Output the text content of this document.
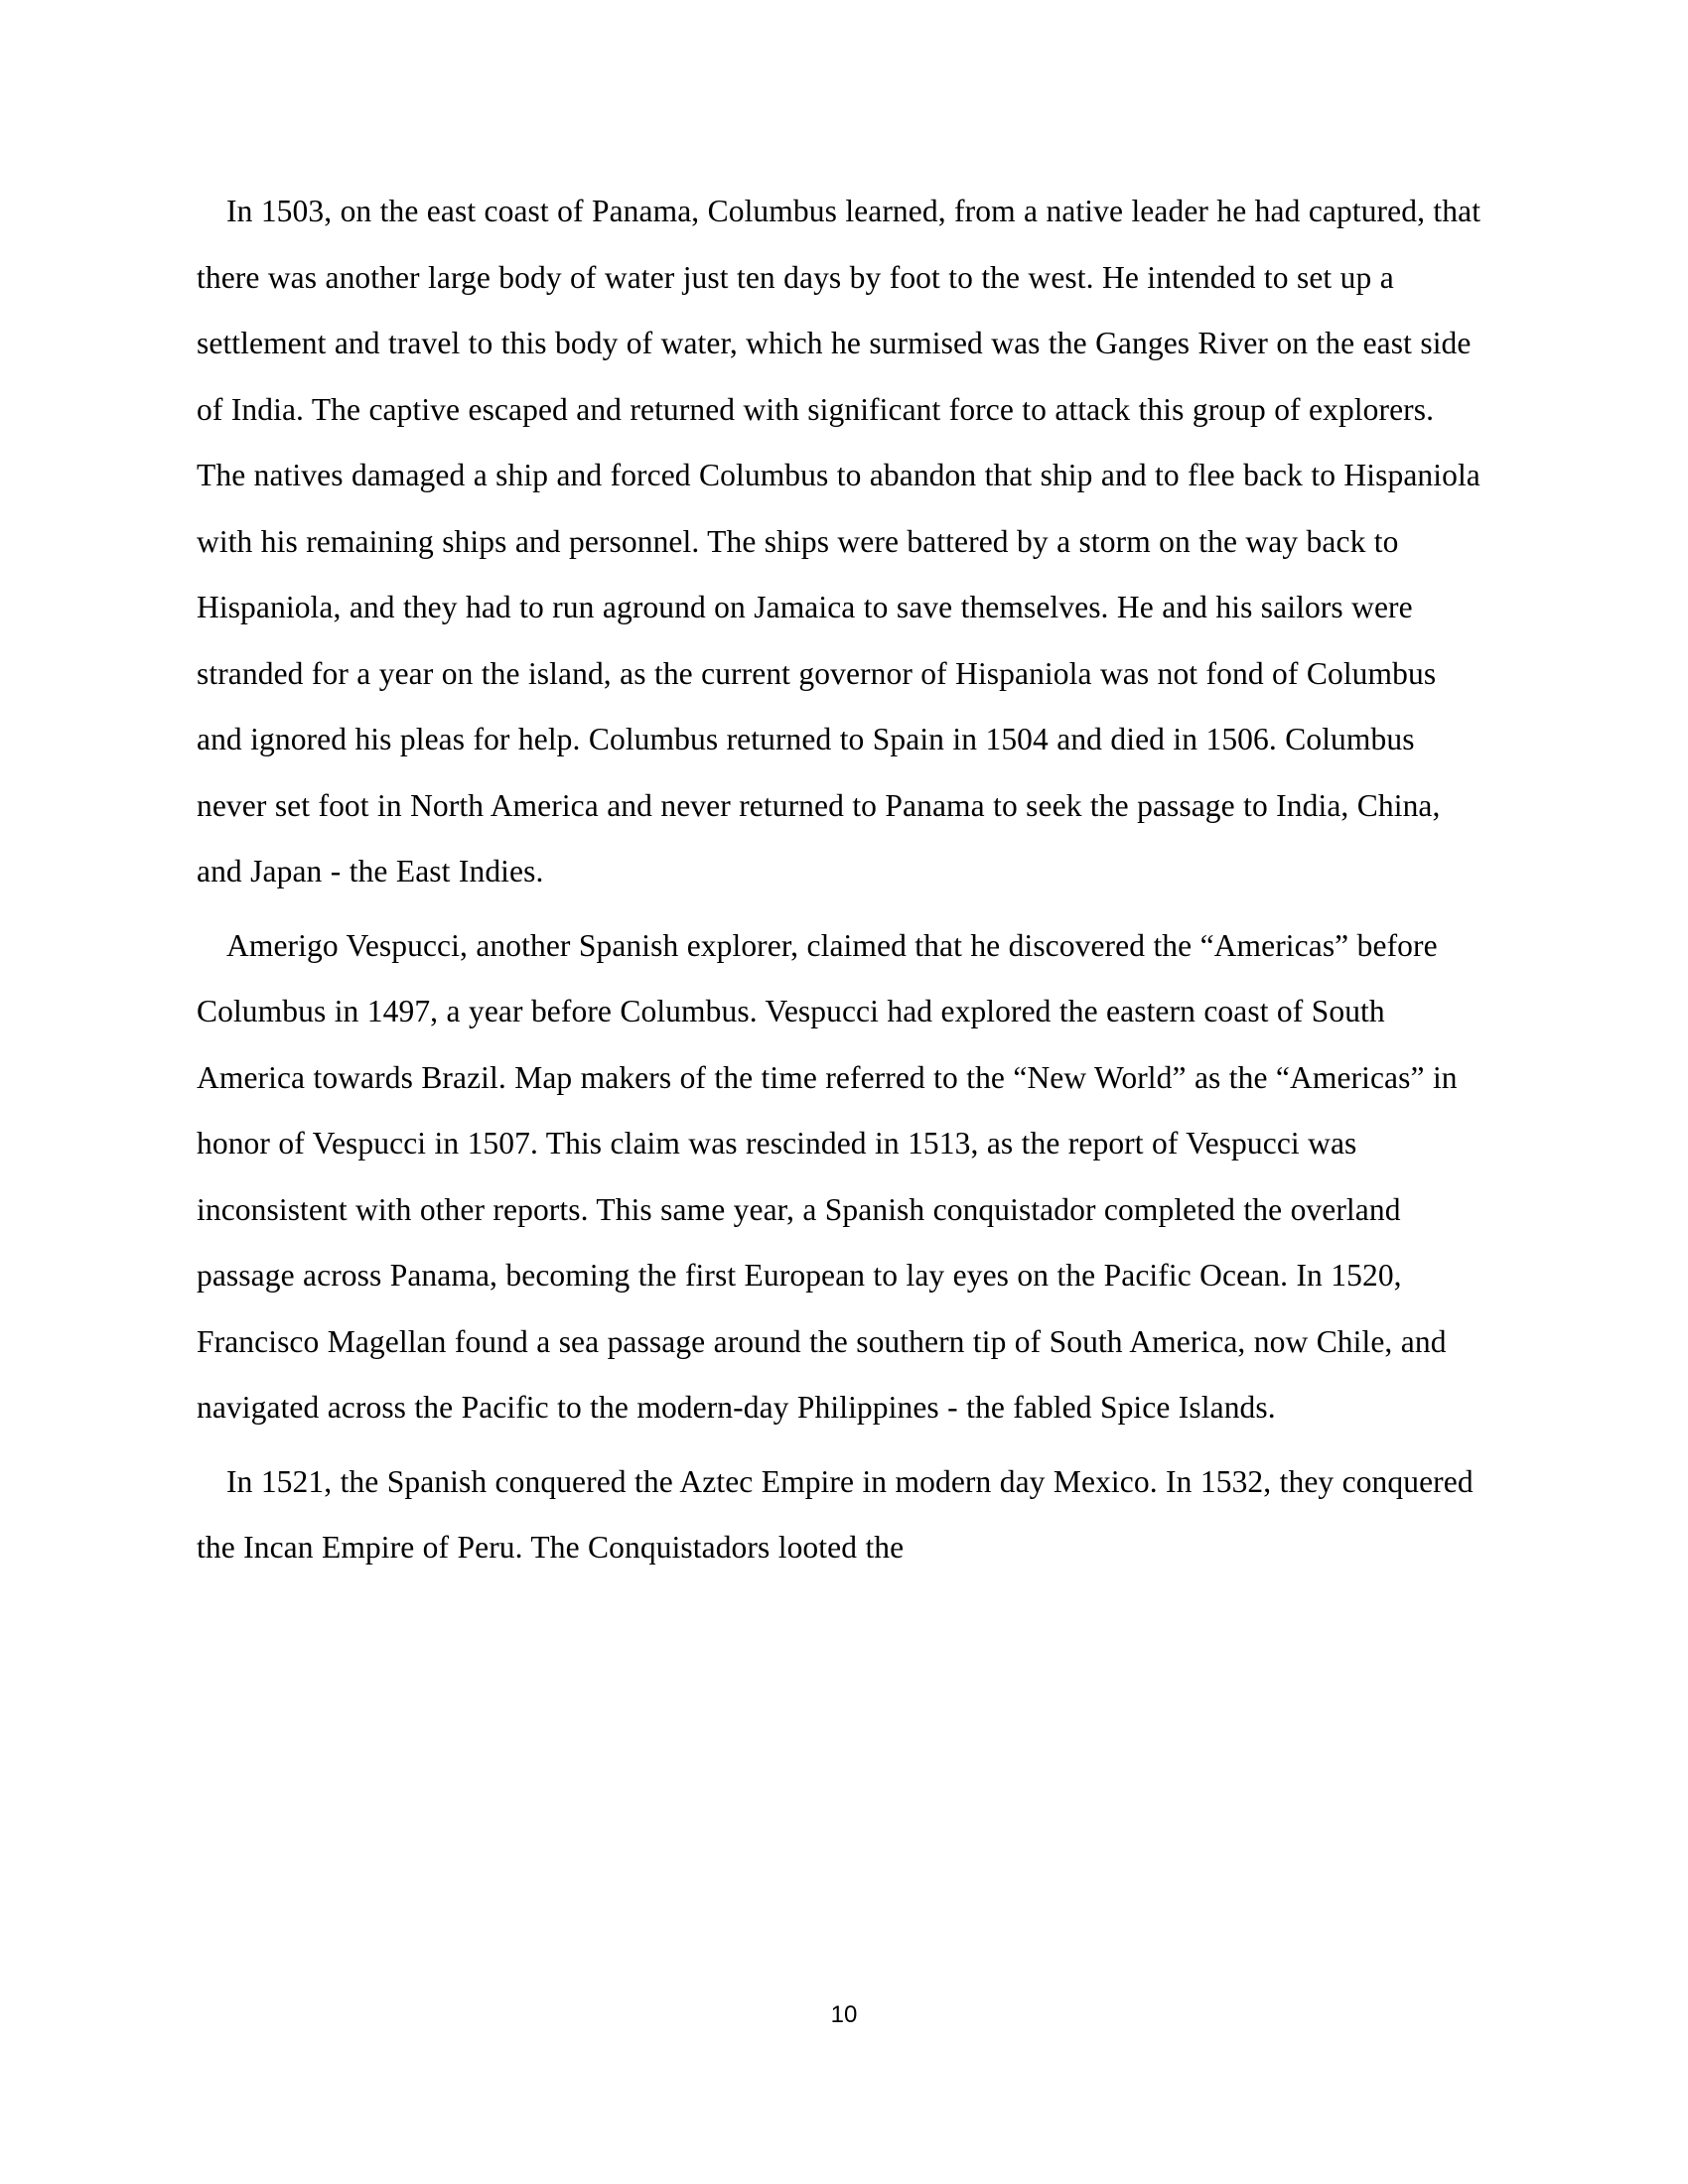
In 1503, on the east coast of Panama, Columbus learned, from a native leader he had captured, that there was another large body of water just ten days by foot to the west. He intended to set up a settlement and travel to this body of water, which he surmised was the Ganges River on the east side of India. The captive escaped and returned with significant force to attack this group of explorers. The natives damaged a ship and forced Columbus to abandon that ship and to flee back to Hispaniola with his remaining ships and personnel. The ships were battered by a storm on the way back to Hispaniola, and they had to run aground on Jamaica to save themselves. He and his sailors were stranded for a year on the island, as the current governor of Hispaniola was not fond of Columbus and ignored his pleas for help. Columbus returned to Spain in 1504 and died in 1506. Columbus never set foot in North America and never returned to Panama to seek the passage to India, China, and Japan - the East Indies.

Amerigo Vespucci, another Spanish explorer, claimed that he discovered the “Americas” before Columbus in 1497, a year before Columbus. Vespucci had explored the eastern coast of South America towards Brazil. Map makers of the time referred to the “New World” as the “Americas” in honor of Vespucci in 1507. This claim was rescinded in 1513, as the report of Vespucci was inconsistent with other reports. This same year, a Spanish conquistador completed the overland passage across Panama, becoming the first European to lay eyes on the Pacific Ocean. In 1520, Francisco Magellan found a sea passage around the southern tip of South America, now Chile, and navigated across the Pacific to the modern-day Philippines - the fabled Spice Islands.

In 1521, the Spanish conquered the Aztec Empire in modern day Mexico. In 1532, they conquered the Incan Empire of Peru. The Conquistadors looted the

10
